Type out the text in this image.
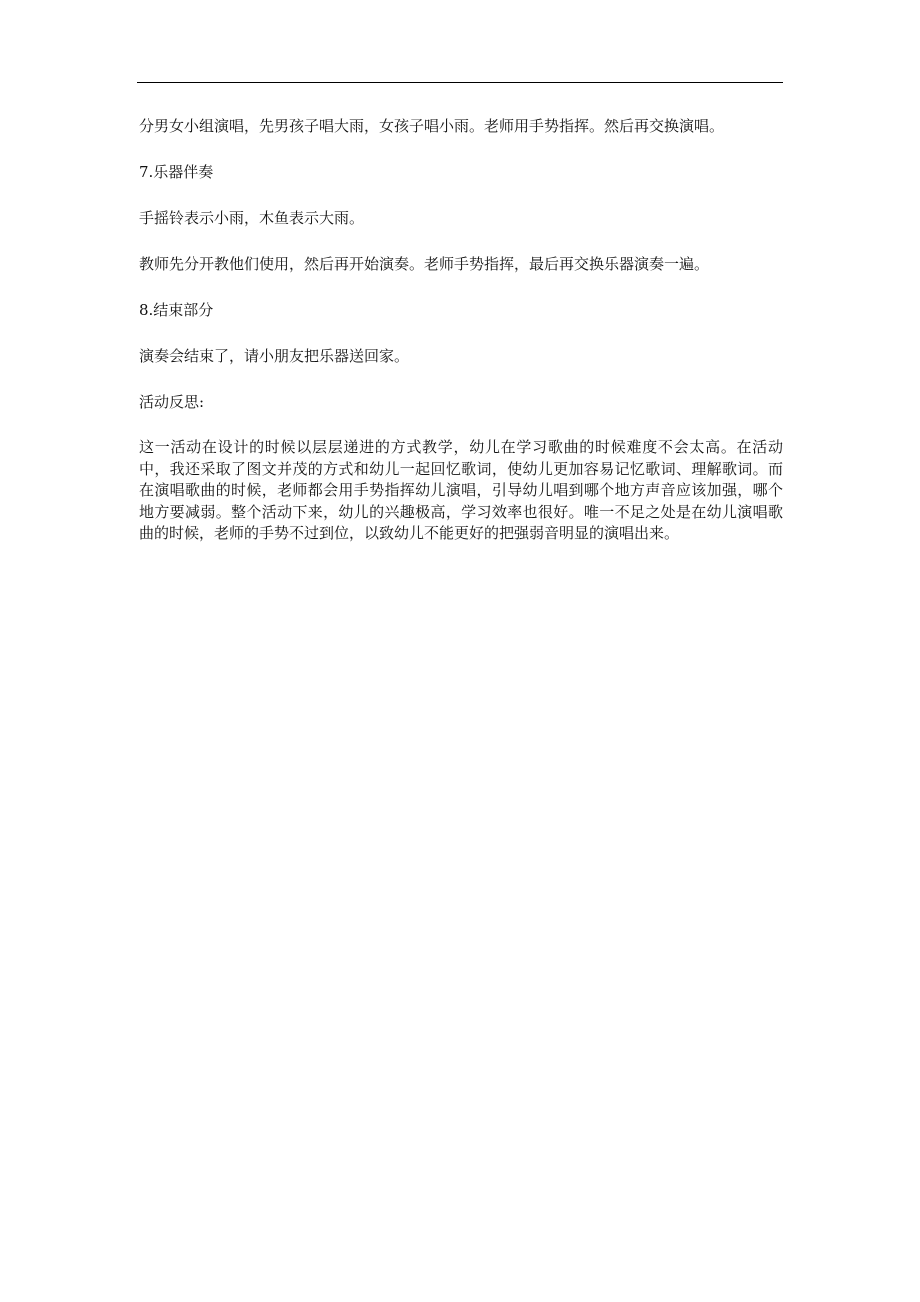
分男女小组演唱，先男孩子唱大雨，女孩子唱小雨。老师用手势指挥。然后再交换演唱。

7.乐器伴奏

手摇铃表示小雨，木鱼表示大雨。

教师先分开教他们使用，然后再开始演奏。老师手势指挥，最后再交换乐器演奏一遍。

8.结束部分

演奏会结束了，请小朋友把乐器送回家。

活动反思:

这一活动在设计的时候以层层递进的方式教学，幼儿在学习歌曲的时候难度不会太高。在活动中，我还采取了图文并茂的方式和幼儿一起回忆歌词，使幼儿更加容易记忆歌词、理解歌词。而在演唱歌曲的时候，老师都会用手势指挥幼儿演唱，引导幼儿唱到哪个地方声音应该加强，哪个地方要减弱。整个活动下来，幼儿的兴趣极高，学习效率也很好。唯一不足之处是在幼儿演唱歌曲的时候，老师的手势不过到位，以致幼儿不能更好的把强弱音明显的演唱出来。
